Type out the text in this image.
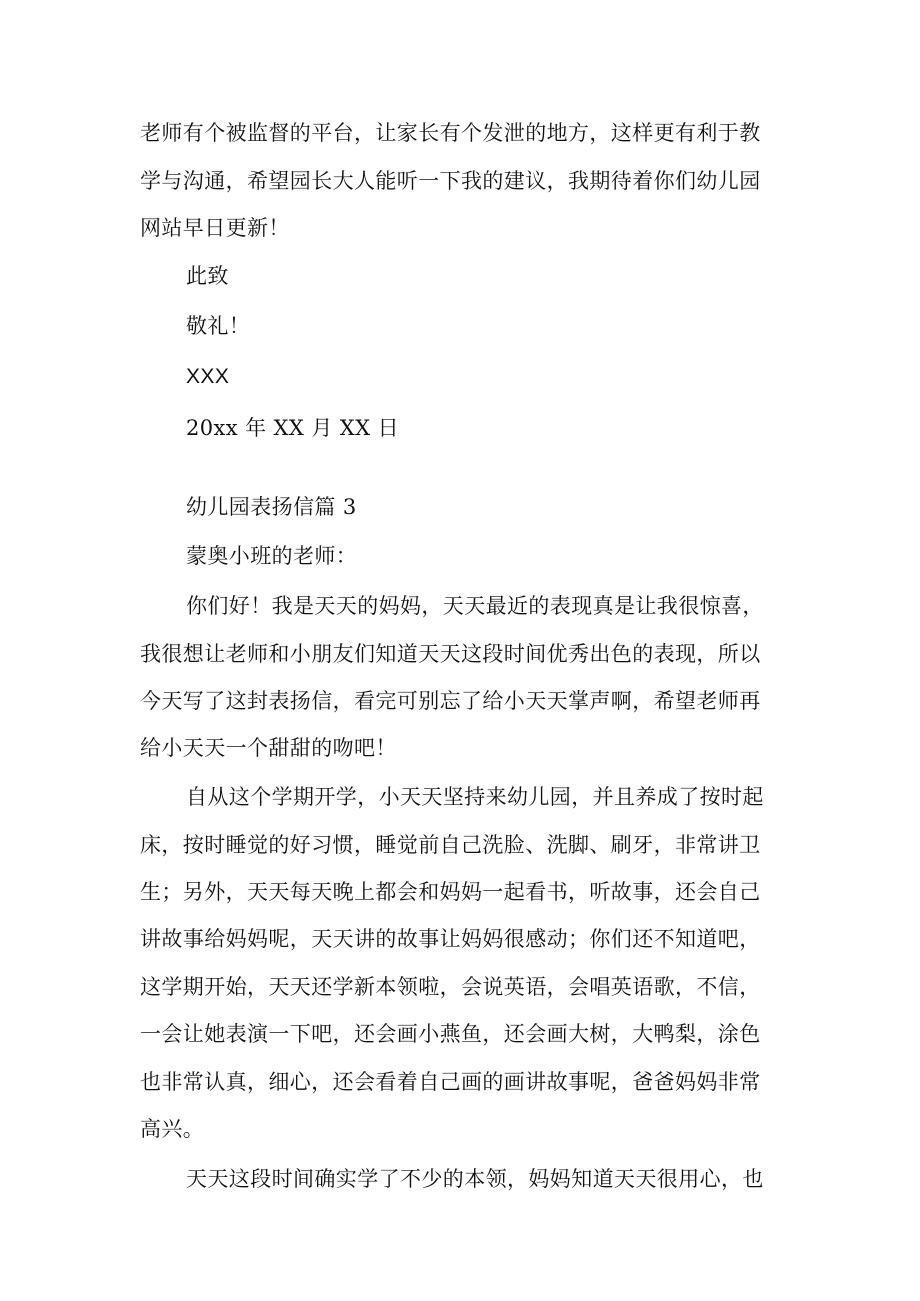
老师有个被监督的平台，让家长有个发泄的地方，这样更有利于教
学与沟通，希望园长大人能听一下我的建议，我期待着你们幼儿园
网站早日更新！
此致
敬礼！
XXX
20xx 年 XX 月 XX 日
幼儿园表扬信篇 3
蒙奥小班的老师：
你们好！我是天天的妈妈，天天最近的表现真是让我很惊喜，
我很想让老师和小朋友们知道天天这段时间优秀出色的表现，所以
今天写了这封表扬信，看完可别忘了给小天天掌声啊，希望老师再
给小天天一个甜甜的吻吧！
自从这个学期开学，小天天坚持来幼儿园，并且养成了按时起
床，按时睡觉的好习惯，睡觉前自己洗脸、洗脚、刷牙，非常讲卫
生；另外，天天每天晚上都会和妈妈一起看书，听故事，还会自己
讲故事给妈妈呢，天天讲的故事让妈妈很感动；你们还不知道吧，
这学期开始，天天还学新本领啦，会说英语，会唱英语歌，不信，
一会让她表演一下吧，还会画小燕鱼，还会画大树，大鸭梨，涂色
也非常认真，细心，还会看着自己画的画讲故事呢，爸爸妈妈非常
高兴。
天天这段时间确实学了不少的本领，妈妈知道天天很用心，也
